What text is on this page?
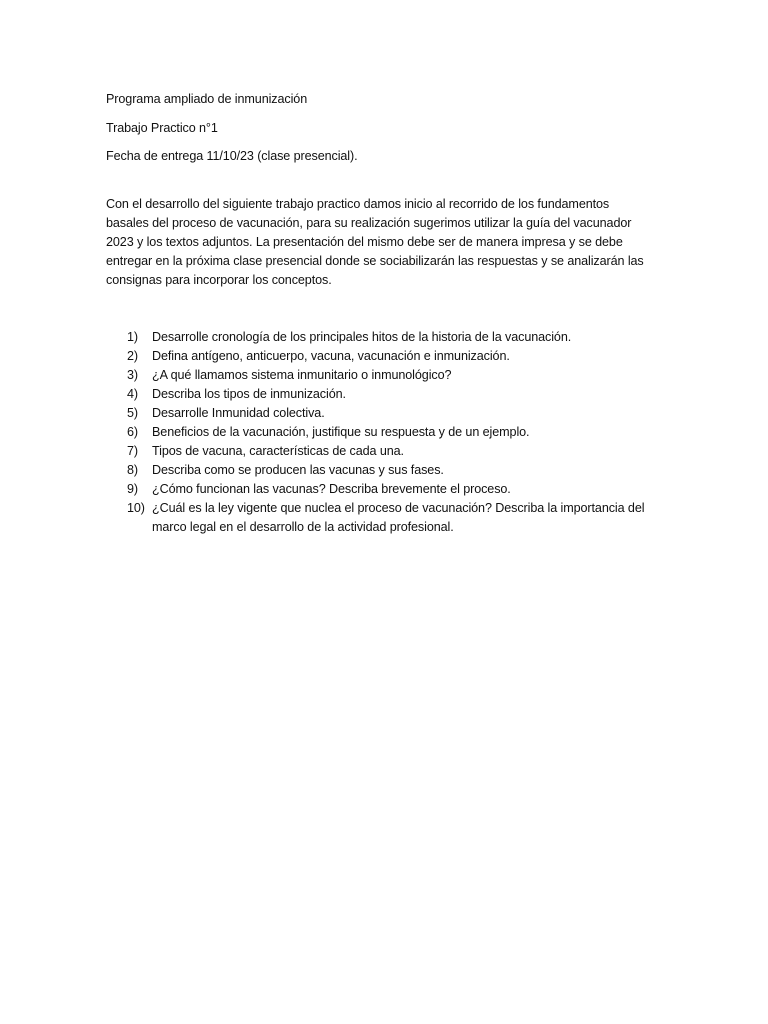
Programa ampliado de inmunización

Trabajo Practico n°1

Fecha de entrega 11/10/23 (clase presencial).

Con el desarrollo del siguiente trabajo practico damos inicio al recorrido de los fundamentos basales del proceso de vacunación, para su realización sugerimos utilizar la guía del vacunador 2023 y los textos adjuntos. La presentación del mismo debe ser de manera impresa y se debe entregar en la próxima clase presencial donde se sociabilizarán las respuestas y se analizarán las consignas para incorporar los conceptos.

1) Desarrolle cronología de los principales hitos de la historia de la vacunación.
2) Defina antígeno, anticuerpo, vacuna, vacunación e inmunización.
3) ¿A qué llamamos sistema inmunitario o inmunológico?
4) Describa los tipos de inmunización.
5) Desarrolle Inmunidad colectiva.
6) Beneficios de la vacunación, justifique su respuesta y de un ejemplo.
7) Tipos de vacuna, características de cada una.
8) Describa como se producen las vacunas y sus fases.
9) ¿Cómo funcionan las vacunas? Describa brevemente el proceso.
10) ¿Cuál es la ley vigente que nuclea el proceso de vacunación? Describa la importancia del marco legal en el desarrollo de la actividad profesional.
